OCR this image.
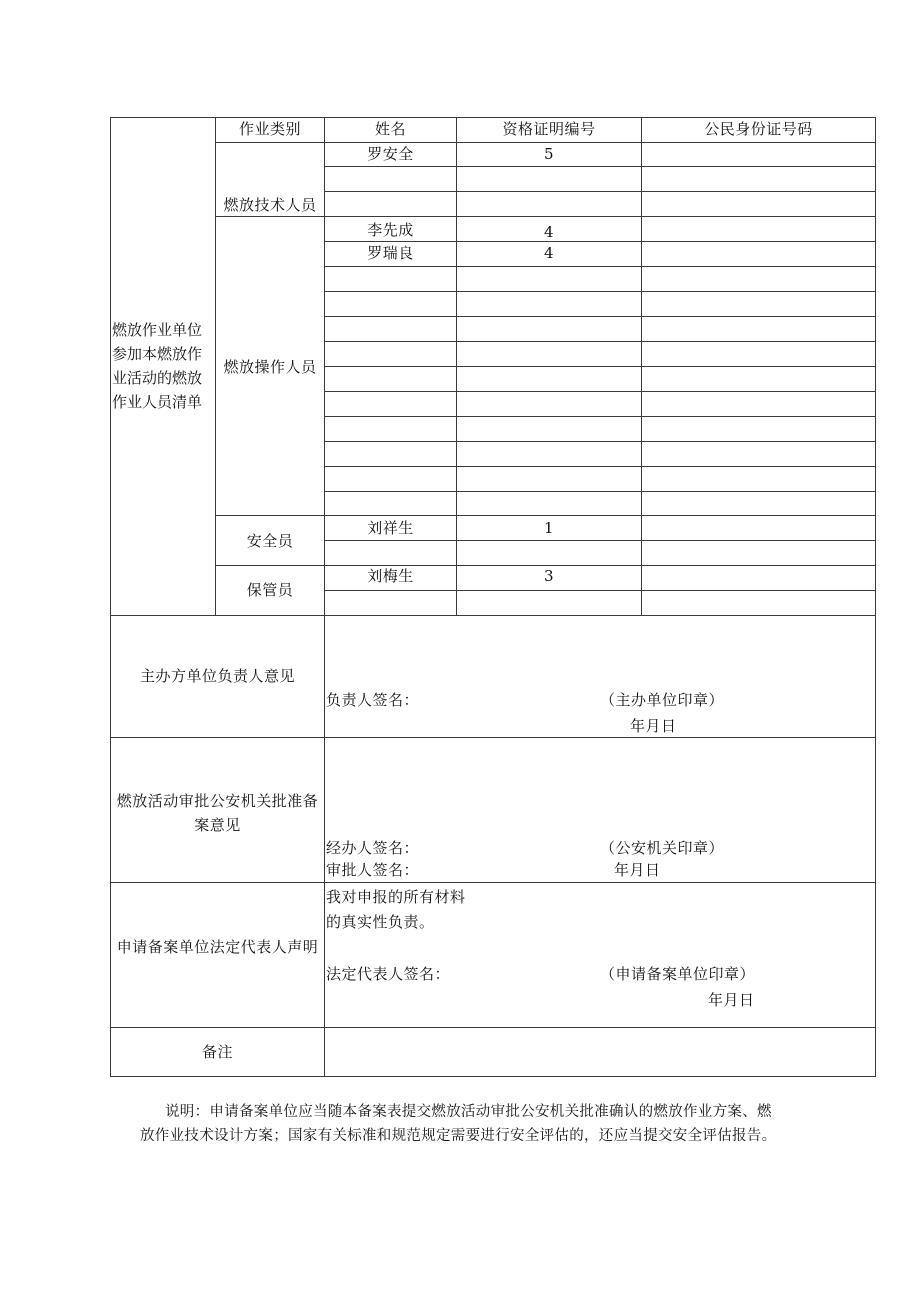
作业类别	姓名	资格证明编号	公民身份证号码
燃放作业单位参加本燃放作业活动的燃放作业人员清单
燃放技术人员
罗安全	5
燃放操作人员
李先成	4
罗瑞良	4
安全员
刘祥生	1
保管员
刘梅生	3
主办方单位负责人意见
负责人签名：	（主办单位印章）
年月日
燃放活动审批公安机关批准备案意见
经办人签名：	（公安机关印章）
审批人签名：	年月日
申请备案单位法定代表人声明
我对申报的所有材料
的真实性负责。
法定代表人签名：	（申请备案单位印章）
年月日
备注
说明：申请备案单位应当随本备案表提交燃放活动审批公安机关批准确认的燃放作业方案、燃
放作业技术设计方案；国家有关标准和规范规定需要进行安全评估的，还应当提交安全评估报告。
